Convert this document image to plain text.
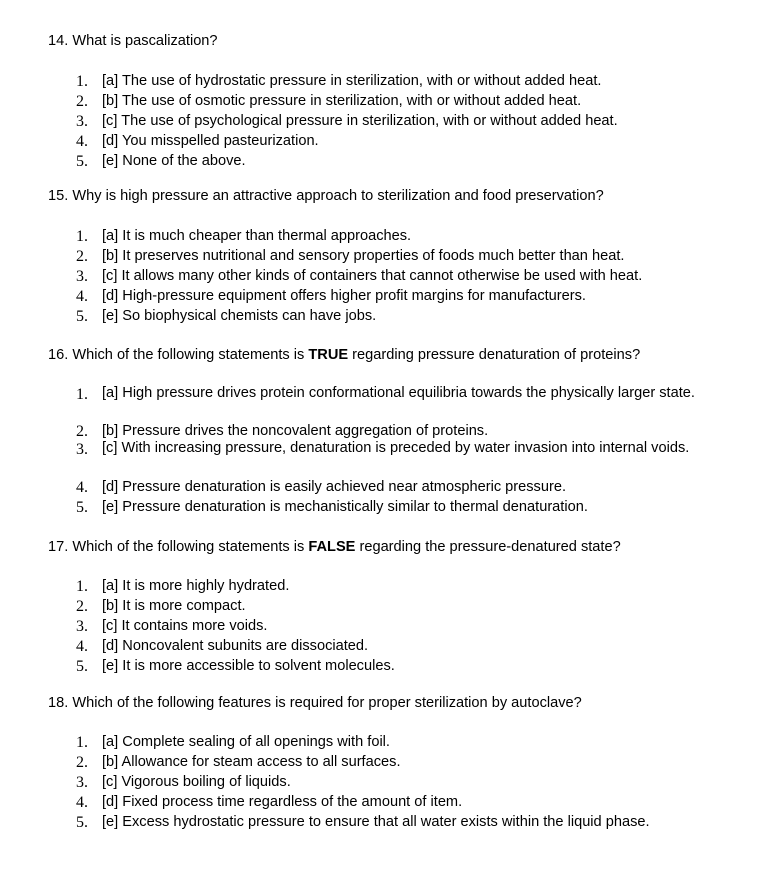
14. What is pascalization?

1. [a] The use of hydrostatic pressure in sterilization, with or without added heat.
2. [b] The use of osmotic pressure in sterilization, with or without added heat.
3. [c] The use of psychological pressure in sterilization, with or without added heat.
4. [d] You misspelled pasteurization.
5. [e] None of the above.

15. Why is high pressure an attractive approach to sterilization and food preservation?

1. [a] It is much cheaper than thermal approaches.
2. [b] It preserves nutritional and sensory properties of foods much better than heat.
3. [c] It allows many other kinds of containers that cannot otherwise be used with heat.
4. [d] High-pressure equipment offers higher profit margins for manufacturers.
5. [e] So biophysical chemists can have jobs.

16. Which of the following statements is TRUE regarding pressure denaturation of proteins?

1. [a] High pressure drives protein conformational equilibria towards the physically larger state.
2. [b] Pressure drives the noncovalent aggregation of proteins.
3. [c] With increasing pressure, denaturation is preceded by water invasion into internal voids.
4. [d] Pressure denaturation is easily achieved near atmospheric pressure.
5. [e] Pressure denaturation is mechanistically similar to thermal denaturation.

17. Which of the following statements is FALSE regarding the pressure-denatured state?

1. [a] It is more highly hydrated.
2. [b] It is more compact.
3. [c] It contains more voids.
4. [d] Noncovalent subunits are dissociated.
5. [e] It is more accessible to solvent molecules.

18. Which of the following features is required for proper sterilization by autoclave?

1. [a] Complete sealing of all openings with foil.
2. [b] Allowance for steam access to all surfaces.
3. [c] Vigorous boiling of liquids.
4. [d] Fixed process time regardless of the amount of item.
5. [e] Excess hydrostatic pressure to ensure that all water exists within the liquid phase.
